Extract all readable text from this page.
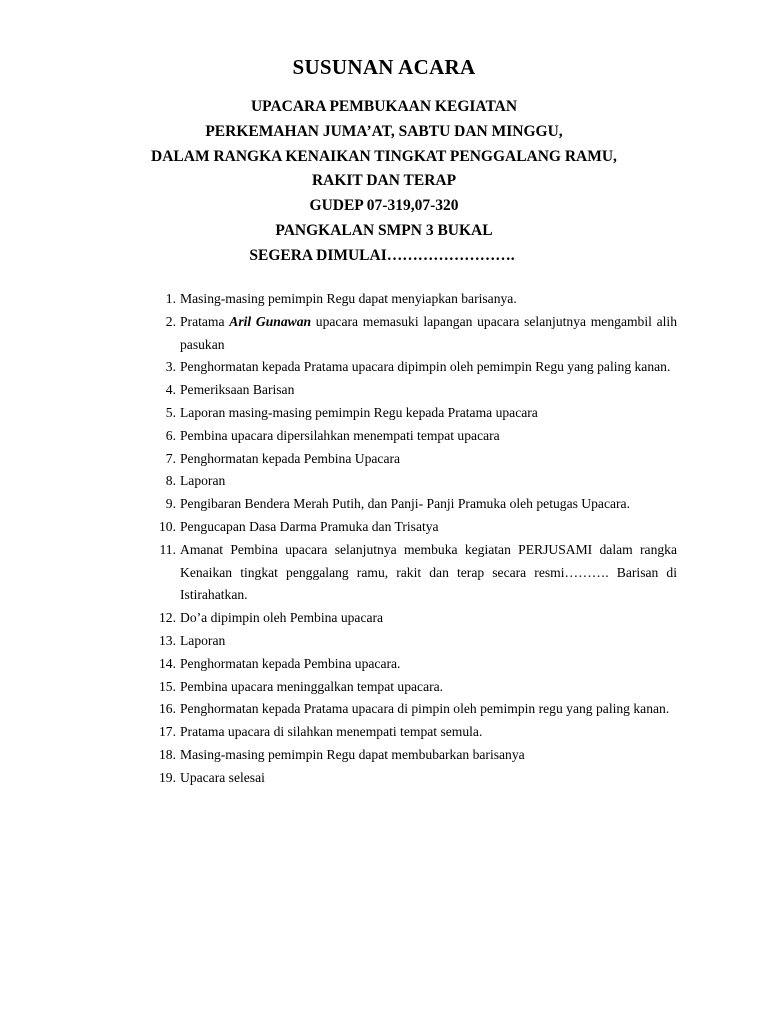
SUSUNAN ACARA
UPACARA PEMBUKAAN KEGIATAN
PERKEMAHAN JUMA’AT, SABTU DAN MINGGU,
DALAM RANGKA KENAIKAN TINGKAT PENGGALANG RAMU,
RAKIT DAN TERAP
GUDEP 07-319,07-320
PANGKALAN SMPN 3 BUKAL
SEGERA DIMULAI…………………….
1. Masing-masing pemimpin Regu dapat menyiapkan barisanya.
2. Pratama Aril Gunawan upacara memasuki lapangan upacara selanjutnya mengambil alih pasukan
3. Penghormatan kepada Pratama upacara dipimpin oleh pemimpin Regu yang paling kanan.
4. Pemeriksaan Barisan
5. Laporan masing-masing pemimpin Regu kepada Pratama upacara
6. Pembina upacara dipersilahkan menempati tempat upacara
7. Penghormatan kepada Pembina Upacara
8. Laporan
9. Pengibaran Bendera Merah Putih, dan Panji- Panji Pramuka oleh petugas Upacara.
10. Pengucapan Dasa Darma Pramuka dan Trisatya
11. Amanat Pembina upacara selanjutnya membuka kegiatan PERJUSAMI dalam rangka Kenaikan tingkat penggalang ramu, rakit dan terap secara resmi………. Barisan di Istirahatkan.
12. Do’a dipimpin oleh Pembina upacara
13. Laporan
14. Penghormatan kepada Pembina upacara.
15. Pembina upacara meninggalkan tempat upacara.
16. Penghormatan kepada Pratama upacara di pimpin oleh pemimpin regu yang paling kanan.
17. Pratama upacara di silahkan menempati tempat semula.
18. Masing-masing pemimpin Regu dapat membubarkan barisanya
19. Upacara selesai
